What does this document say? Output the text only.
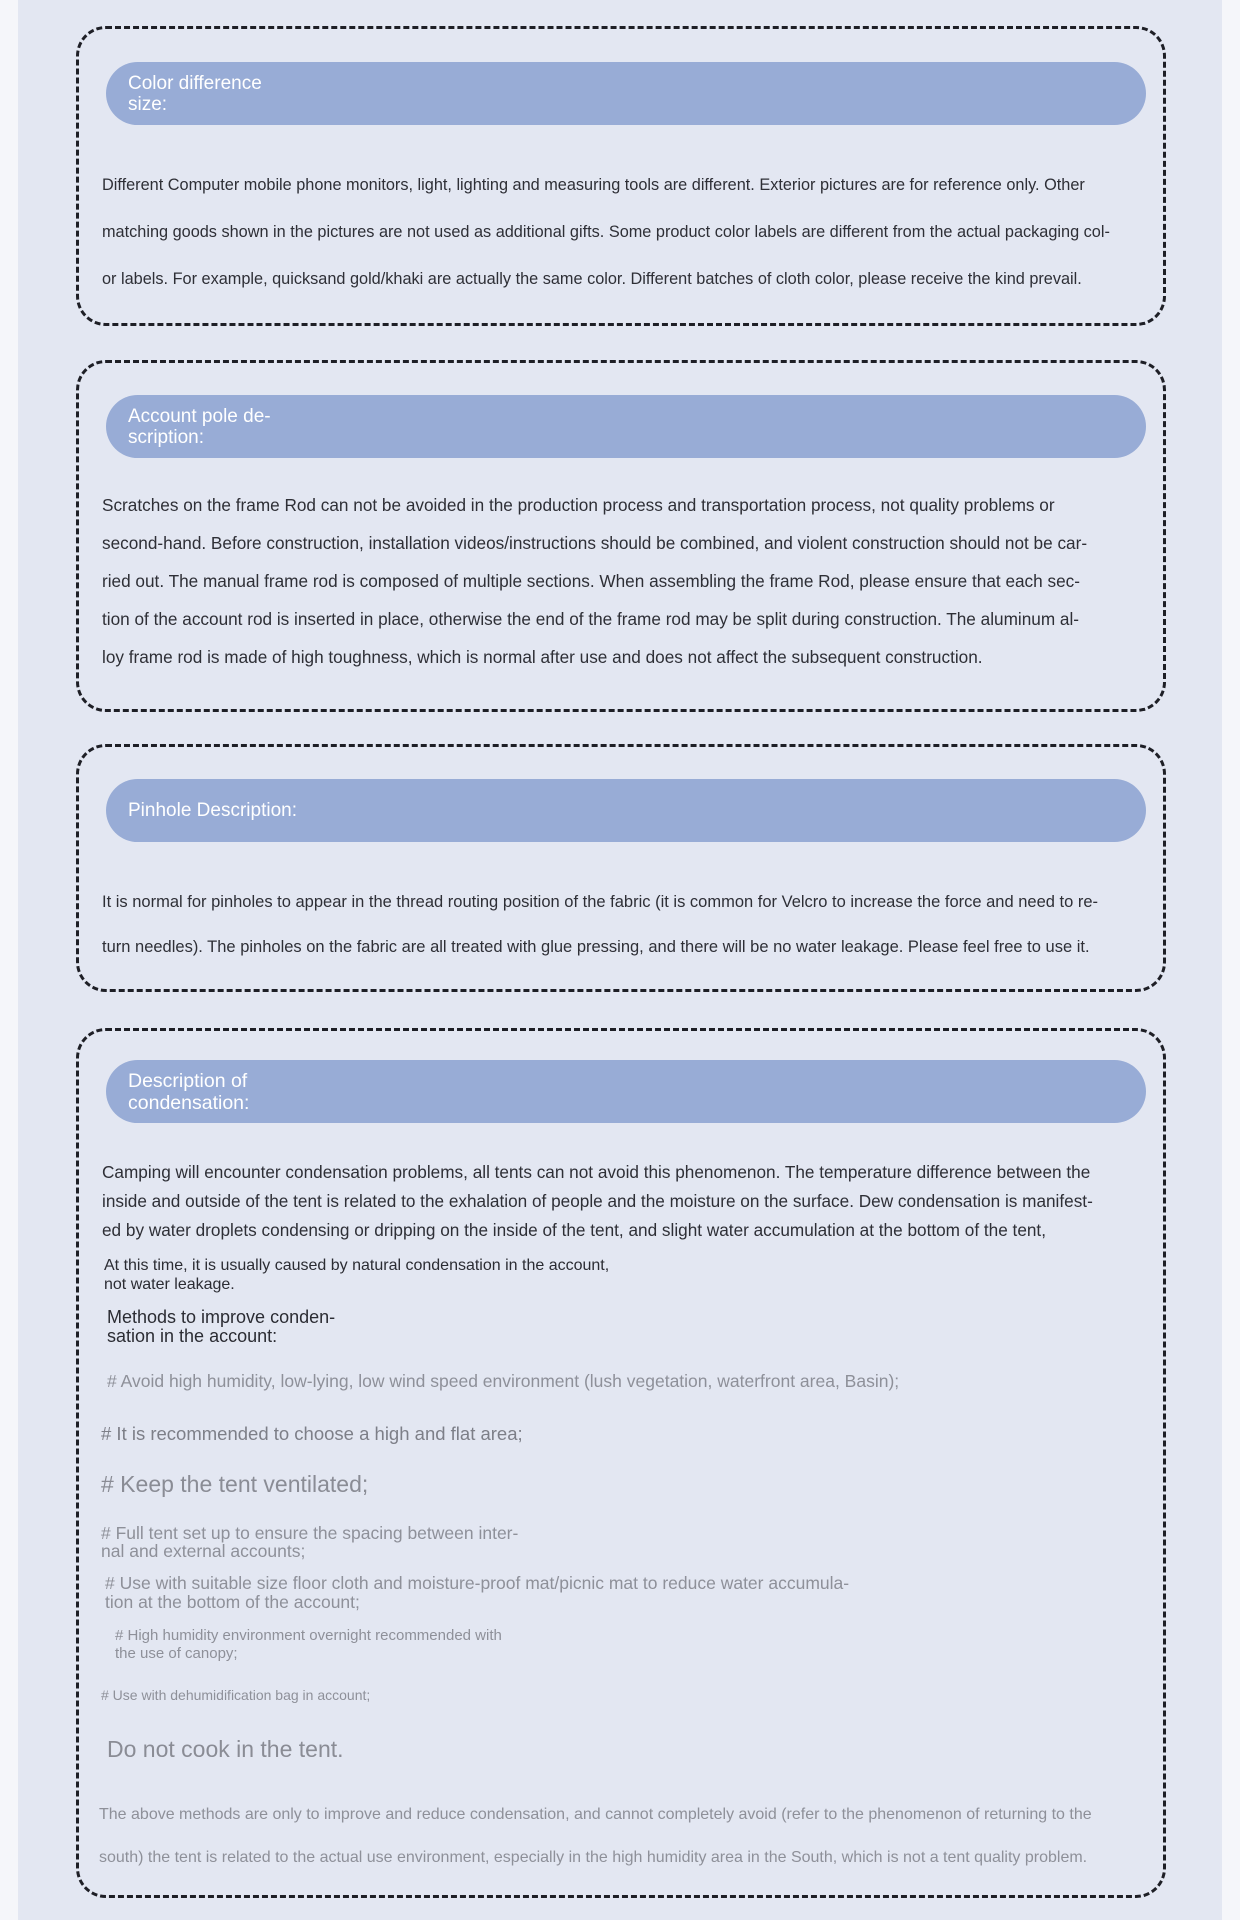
Color difference
size:
Different Computer mobile phone monitors, light, lighting and measuring tools are different. Exterior pictures are for reference only. Other
matching goods shown in the pictures are not used as additional gifts. Some product color labels are different from the actual packaging col-
or labels. For example, quicksand gold/khaki are actually the same color. Different batches of cloth color, please receive the kind prevail.
Account pole de-
scription:
Scratches on the frame Rod can not be avoided in the production process and transportation process, not quality problems or
second-hand. Before construction, installation videos/instructions should be combined, and violent construction should not be car-
ried out. The manual frame rod is composed of multiple sections. When assembling the frame Rod, please ensure that each sec-
tion of the account rod is inserted in place, otherwise the end of the frame rod may be split during construction. The aluminum al-
loy frame rod is made of high toughness, which is normal after use and does not affect the subsequent construction.
Pinhole Description:
It is normal for pinholes to appear in the thread routing position of the fabric (it is common for Velcro to increase the force and need to re-
turn needles). The pinholes on the fabric are all treated with glue pressing, and there will be no water leakage. Please feel free to use it.
Description of
condensation:
Camping will encounter condensation problems, all tents can not avoid this phenomenon. The temperature difference between the
inside and outside of the tent is related to the exhalation of people and the moisture on the surface. Dew condensation is manifest-
ed by water droplets condensing or dripping on the inside of the tent, and slight water accumulation at the bottom of the tent,
At this time, it is usually caused by natural condensation in the account,
not water leakage.
Methods to improve conden-
sation in the account:
# Avoid high humidity, low-lying, low wind speed environment (lush vegetation, waterfront area, Basin);
# It is recommended to choose a high and flat area;
# Keep the tent ventilated;
# Full tent set up to ensure the spacing between inter-
nal and external accounts;
# Use with suitable size floor cloth and moisture-proof mat/picnic mat to reduce water accumula-
tion at the bottom of the account;
# High humidity environment overnight recommended with
the use of canopy;
# Use with dehumidification bag in account;
Do not cook in the tent.
The above methods are only to improve and reduce condensation, and cannot completely avoid (refer to the phenomenon of returning to the
south) the tent is related to the actual use environment, especially in the high humidity area in the South, which is not a tent quality problem.
